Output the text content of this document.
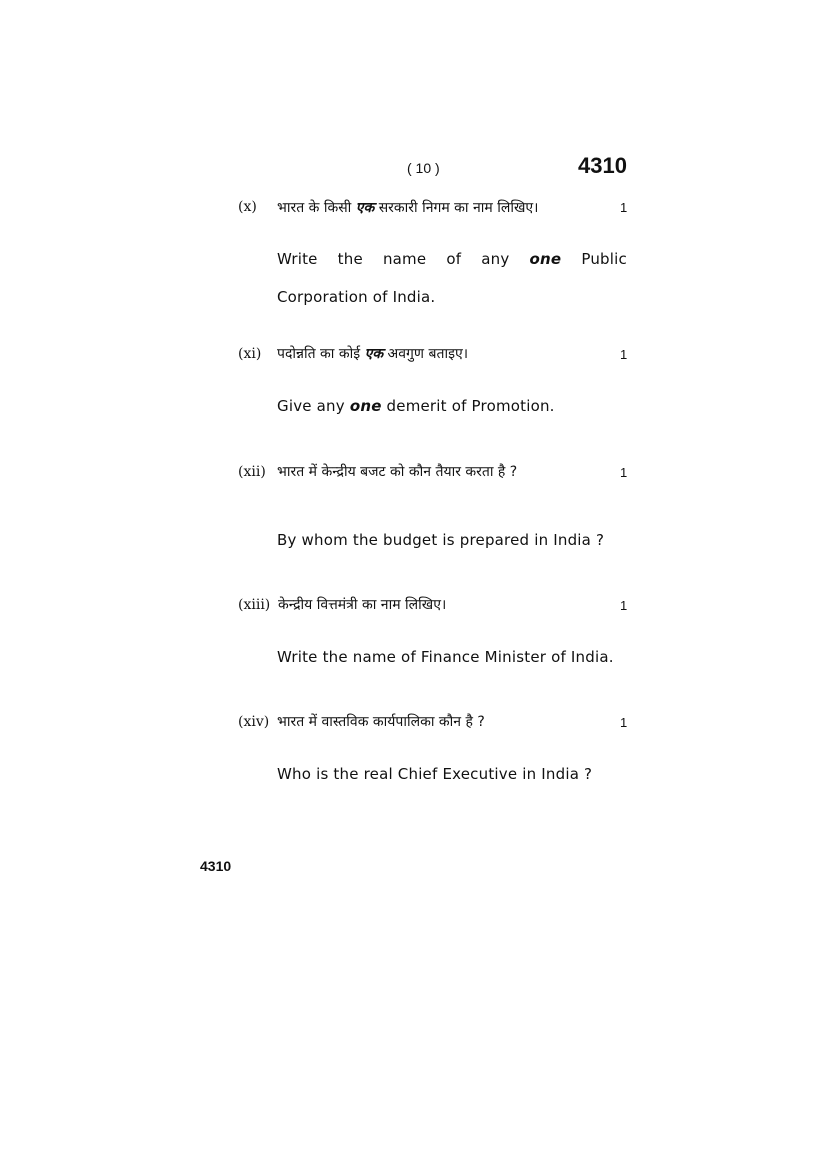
( 10 )	4310
(x) भारत के किसी एक सरकारी निगम का नाम लिखिए।	1
Write the name of any one Public
Corporation of India.
(xi) पदोन्नति का कोई एक अवगुण बताइए।	1
Give any one demerit of Promotion.
(xii) भारत में केन्द्रीय बजट को कौन तैयार करता है ?	1
By whom the budget is prepared in India ?
(xiii) केन्द्रीय वित्तमंत्री का नाम लिखिए।	1
Write the name of Finance Minister of India.
(xiv) भारत में वास्तविक कार्यपालिका कौन है ?	1
Who is the real Chief Executive in India ?
4310
